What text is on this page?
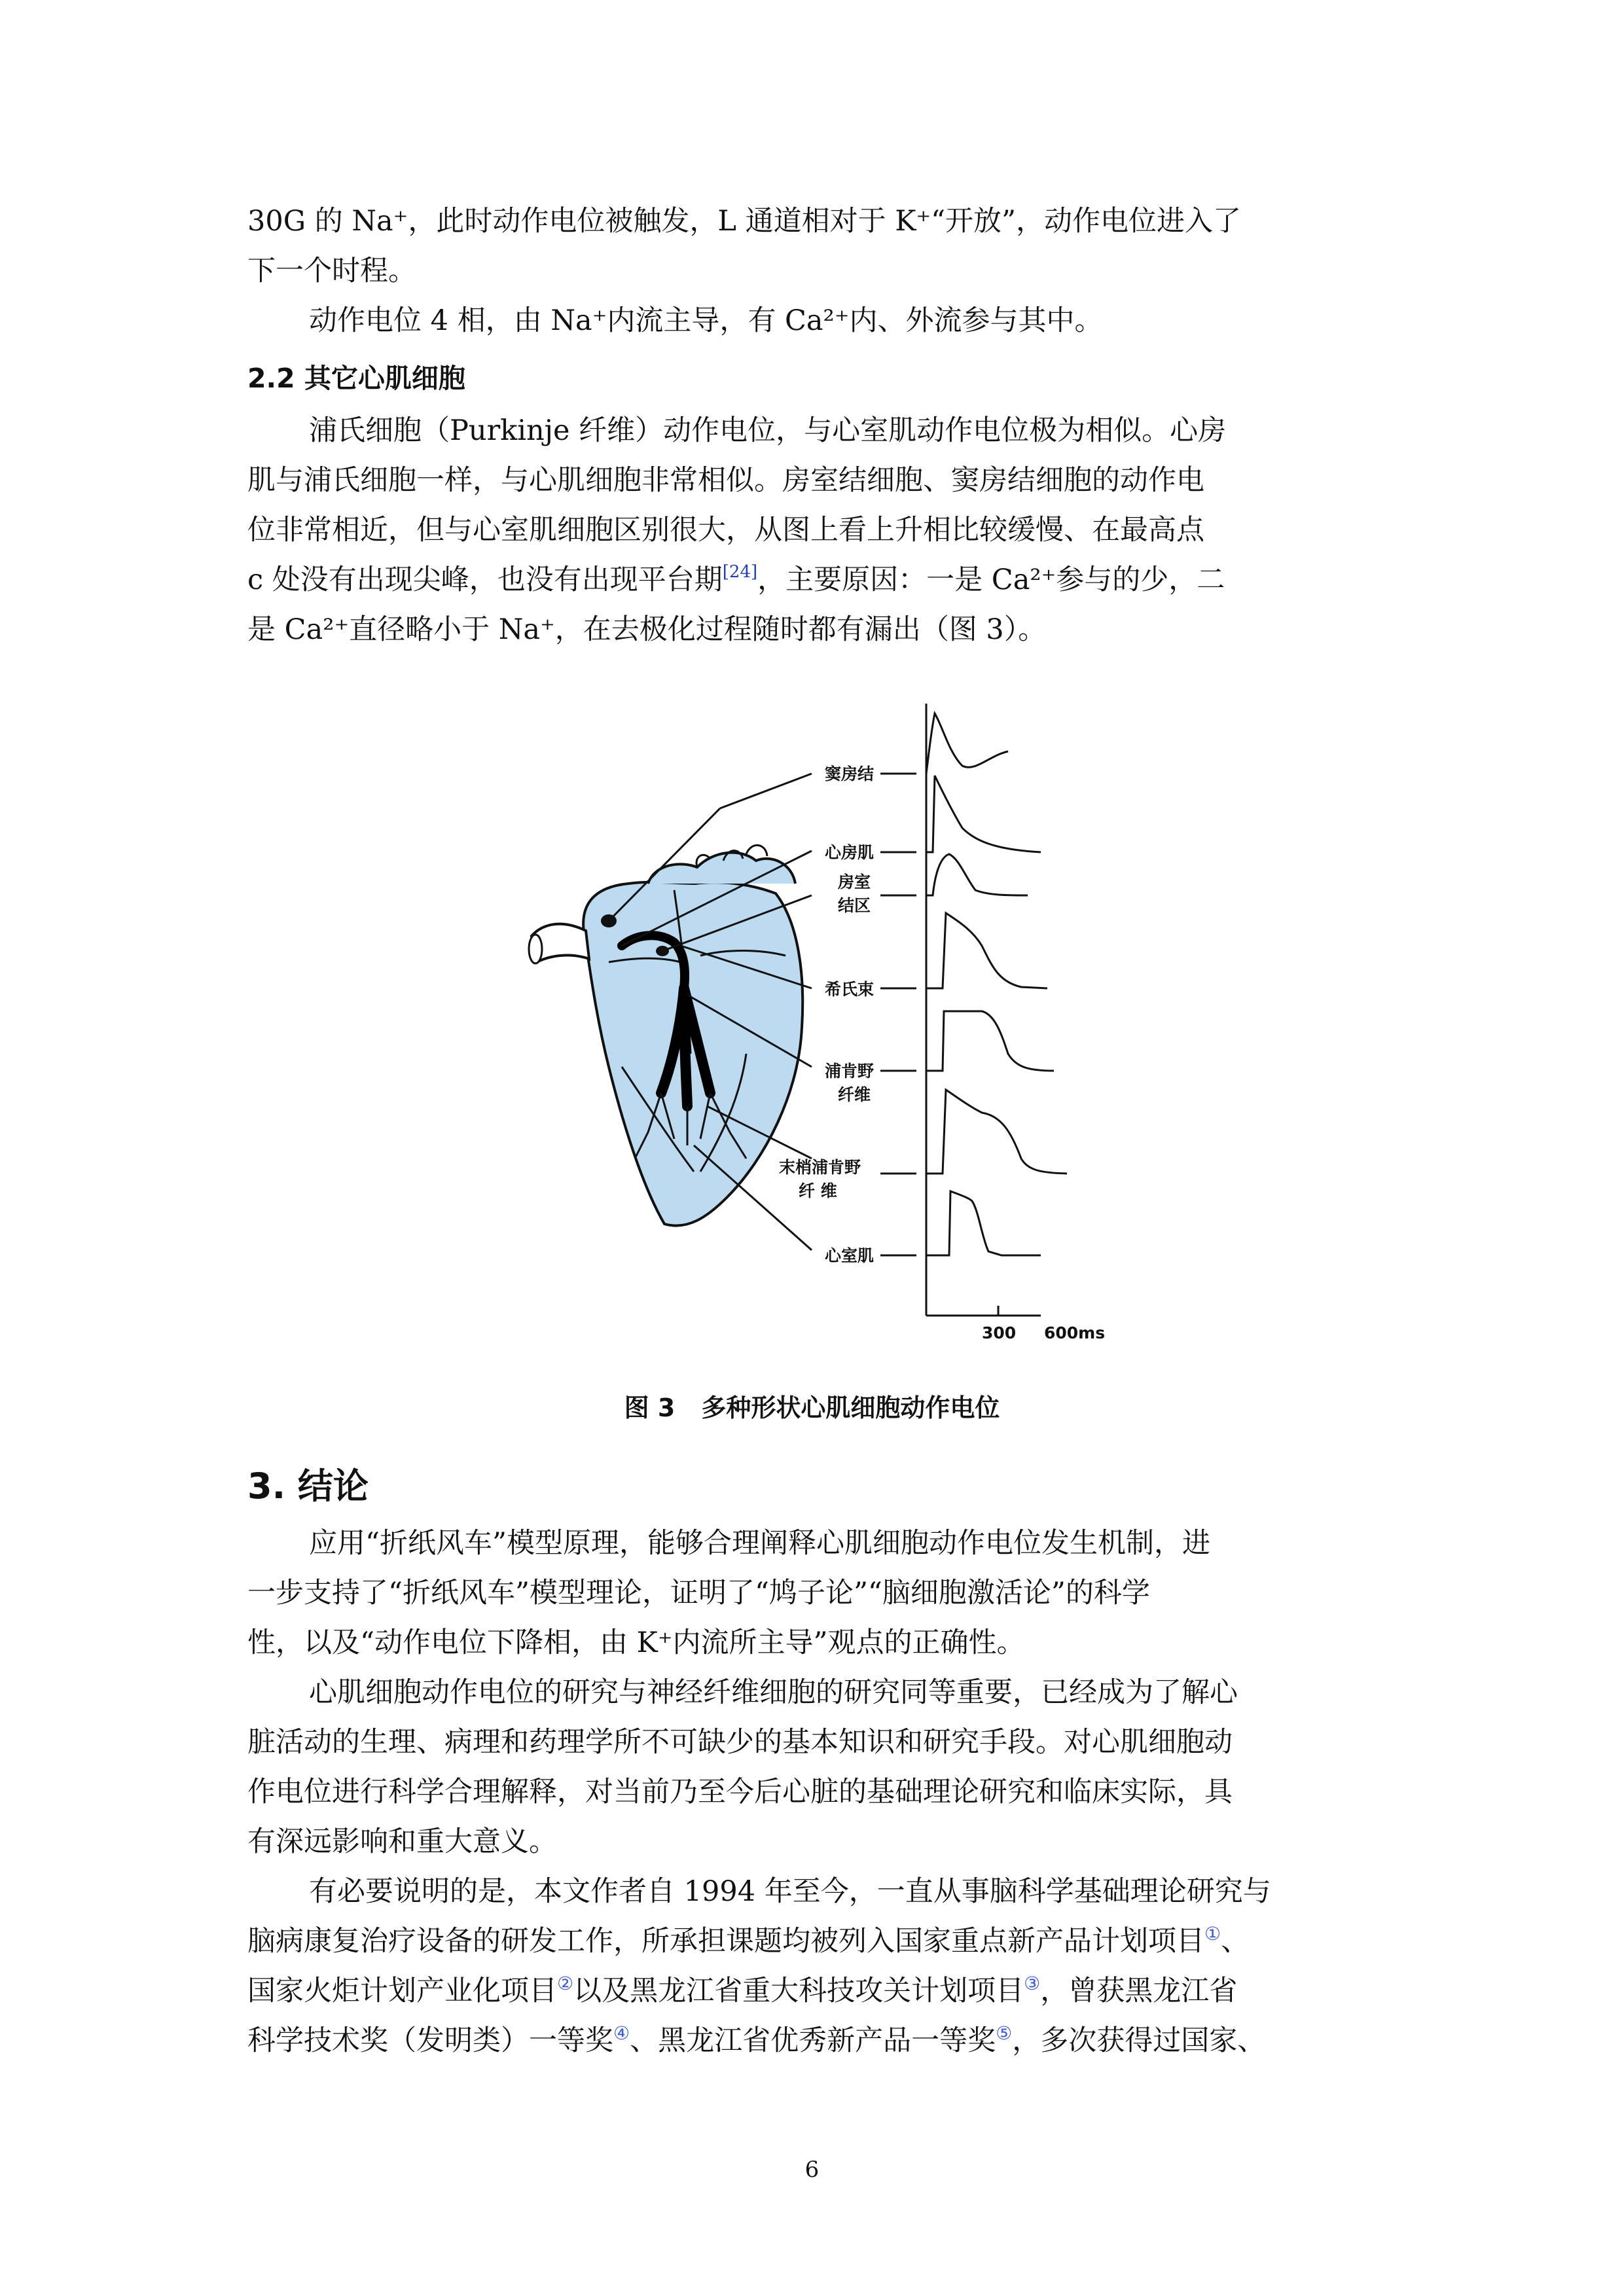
30G 的 Na⁺，此时动作电位被触发，L 通道相对于 K⁺“开放”，动作电位进入了
下一个时程。
动作电位 4 相，由 Na⁺内流主导，有 Ca²⁺内、外流参与其中。
2.2 其它心肌细胞
浦氏细胞（Purkinje 纤维）动作电位，与心室肌动作电位极为相似。心房
肌与浦氏细胞一样，与心肌细胞非常相似。房室结细胞、窦房结细胞的动作电
位非常相近，但与心室肌细胞区别很大，从图上看上升相比较缓慢、在最高点
c 处没有出现尖峰，也没有出现平台期[24]，主要原因：一是 Ca²⁺参与的少，二
是 Ca²⁺直径略小于 Na⁺，在去极化过程随时都有漏出（图 3）。
窦房结
心房肌
房室
结区
希氏束
浦肯野
纤维
末梢浦肯野
纤 维
心室肌
300 600ms
图 3 多种形状心肌细胞动作电位
3. 结论
应用“折纸风车”模型原理，能够合理阐释心肌细胞动作电位发生机制，进
一步支持了“折纸风车”模型理论，证明了“鸠子论”“脑细胞激活论”的科学
性，以及“动作电位下降相，由 K⁺内流所主导”观点的正确性。
心肌细胞动作电位的研究与神经纤维细胞的研究同等重要，已经成为了解心
脏活动的生理、病理和药理学所不可缺少的基本知识和研究手段。对心肌细胞动
作电位进行科学合理解释，对当前乃至今后心脏的基础理论研究和临床实际，具
有深远影响和重大意义。
有必要说明的是，本文作者自 1994 年至今，一直从事脑科学基础理论研究与
脑病康复治疗设备的研发工作，所承担课题均被列入国家重点新产品计划项目①、
国家火炬计划产业化项目②以及黑龙江省重大科技攻关计划项目③，曾获黑龙江省
科学技术奖（发明类）一等奖④、黑龙江省优秀新产品一等奖⑤，多次获得过国家、
6
